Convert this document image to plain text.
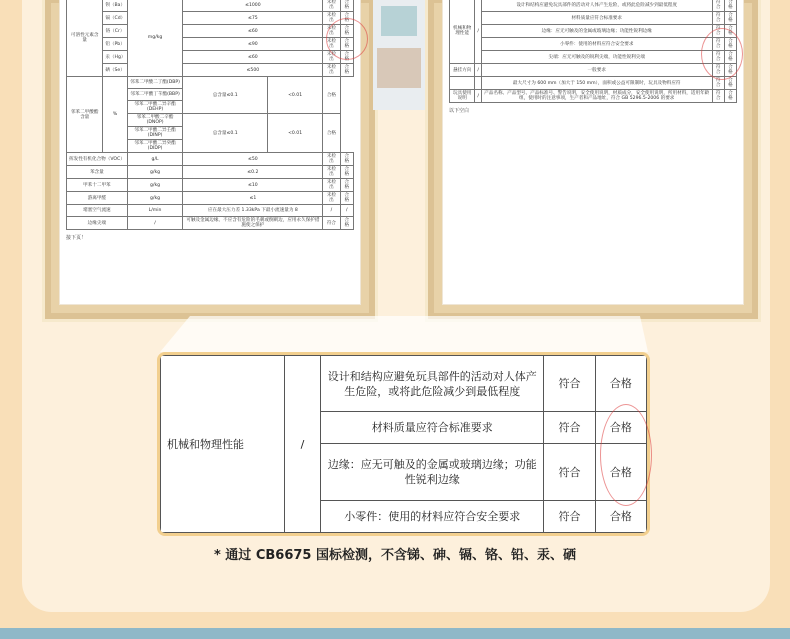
可溶性元素含量	钡（Ba）	mg/kg	≤1000		未检出	合格
	镉（Cd）		≤75		未检出	合格
	铬（Cr）		≤60		未检出	合格
	铅（Pb）		≤90		未检出	合格
	汞（Hg）		≤60		未检出	合格
	硒（Se）		≤500		未检出	合格
邻苯二甲酸酯含量	%	邻苯二甲酸二丁酯(DBP)	总含量≤0.1	<0.01	合格	
		邻苯二甲酸丁苄酯(BBP)				
		邻苯二甲酸二异辛酯(DEHP)				
		邻苯二甲酸二辛酯(DNOP)	总含量≤0.1	<0.01	合格	
		邻苯二甲酸二异壬酯(DINP)				
		邻苯二甲酸二异癸酯(DIDP)				
挥发性有机化合物（VOC）		g/L	≤50		未检出	合格
苯含量		g/kg	≤0.2		未检出	合格
甲苯十二甲苯		g/kg	≤10		未检出	合格
游离甲醛		g/kg	≤1		未检出	合格
堵塞空气流速		L/min	应在最大压力差 1.33kPa 下最小流速量为 8		/	/
边缘尖端		/	可触及金属边缘、不应含有危险的毛刺或倒刺边，应用永久保护措施使之保护		符合	合格
接下页！
机械和物理性能	/	设计和结构应避免玩具部件的活动对人体产生危险，或将此危险减少到最低程度	符合	合格
		材料质量应符合标准要求	符合	合格
		边缘：应无可触及的金属或玻璃边缘；功能性锐利边缘	符合	合格
		小零件：使用的材料应符合安全要求	符合	合格
		尖端：应无可触及的锐利尖端，功能性锐利尖端	符合	合格
悬挂方向	/	一般要求	符合	合格
		最大尺寸为 600 mm（加大于 150 mm），面积或公益可限制时，玩具及物料应符	符合	合格
玩具使用说明	/	产品名称、产品型号、产品标准号、警告说明，安全使用说明，材质成分，安全使用说明，所用材料，适用年龄组，使用时的注意事项，生产者和产品地址，符合 GB 5296.5-2006 的要求	符合	合格
以下空白
机械和物理性能	/	设计和结构应避免玩具部件的活动对人体产生危险，或将此危险减少到最低程度	符合	合格
		材料质量应符合标准要求	符合	合格
		边缘：应无可触及的金属或玻璃边缘；功能性锐利边缘	符合	合格
		小零件：使用的材料应符合安全要求	符合	合格
* 通过 CB6675 国标检测，不含锑、砷、镉、铬、铅、汞、硒
